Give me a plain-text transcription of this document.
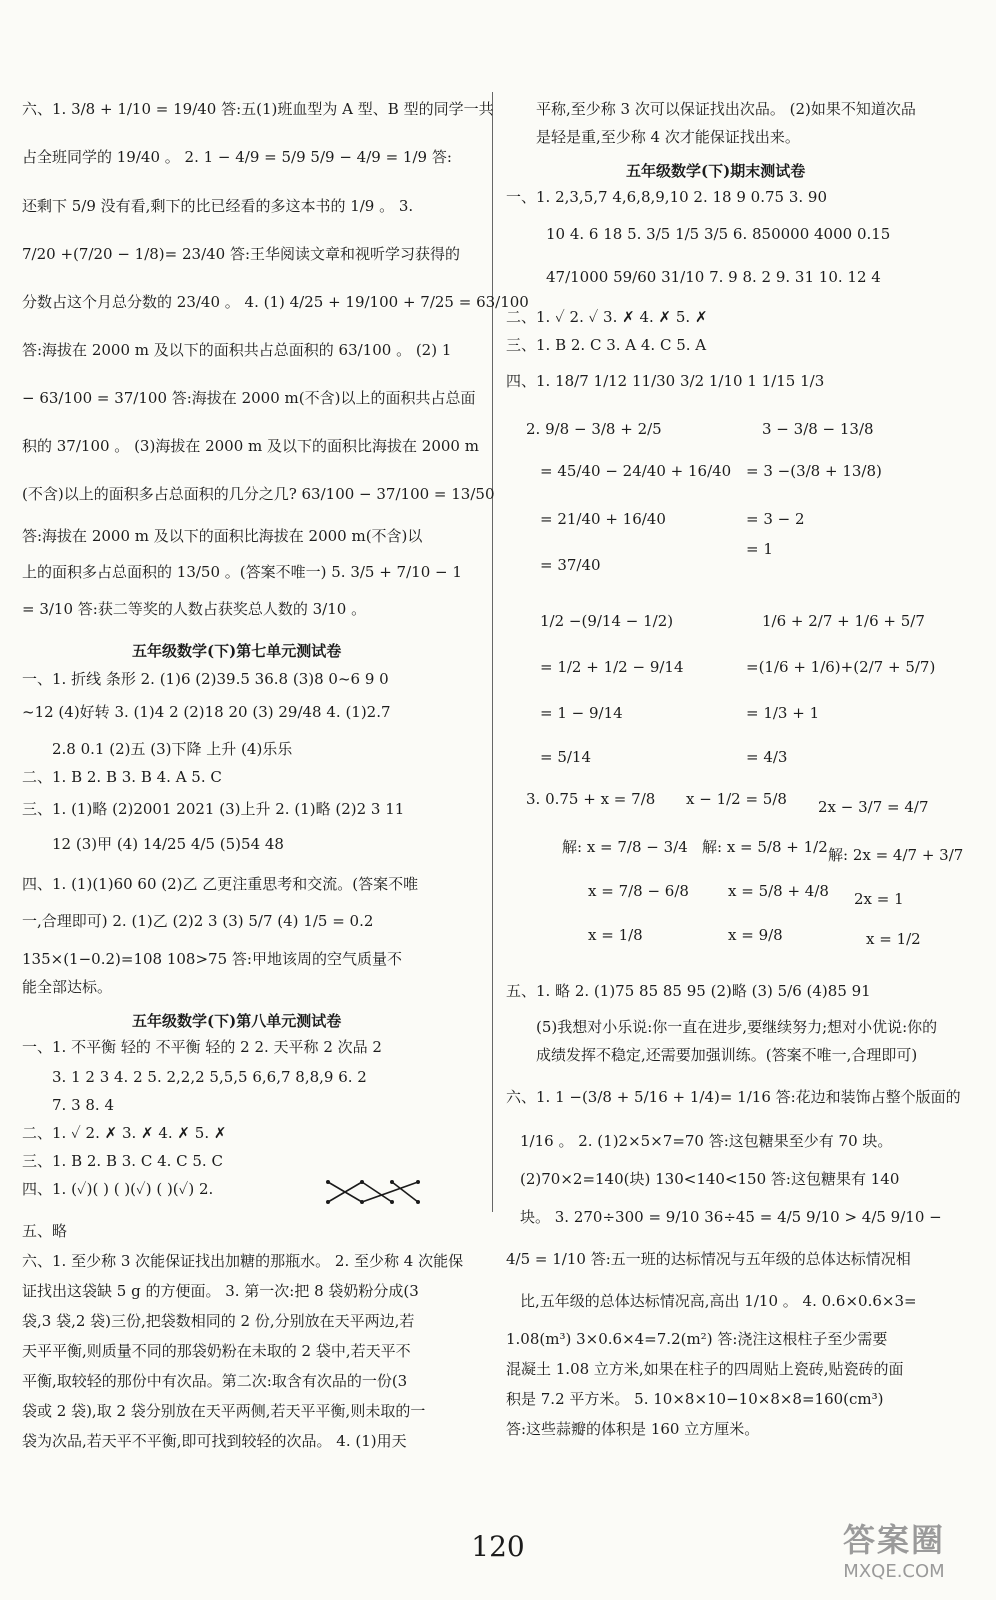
六、1. 3/8 + 1/10 = 19/40 答:五(1)班血型为 A 型、B 型的同学一共
占全班同学的 19/40 。 2. 1 − 4/9 = 5/9 5/9 − 4/9 = 1/9 答:
还剩下 5/9 没有看,剩下的比已经看的多这本书的 1/9 。 3.
7/20 +(7/20 − 1/8)= 23/40 答:王华阅读文章和视听学习获得的
分数占这个月总分数的 23/40 。 4. (1) 4/25 + 19/100 + 7/25 = 63/100
答:海拔在 2000 m 及以下的面积共占总面积的 63/100 。 (2) 1
− 63/100 = 37/100 答:海拔在 2000 m(不含)以上的面积共占总面
积的 37/100 。 (3)海拔在 2000 m 及以下的面积比海拔在 2000 m
(不含)以上的面积多占总面积的几分之几? 63/100 − 37/100 = 13/50
答:海拔在 2000 m 及以下的面积比海拔在 2000 m(不含)以
上的面积多占总面积的 13/50 。(答案不唯一) 5. 3/5 + 7/10 − 1
= 3/10 答:获二等奖的人数占获奖总人数的 3/10 。
五年级数学(下)第七单元测试卷
一、1. 折线 条形 2. (1)6 (2)39.5 36.8 (3)8 0~6 9 0
~12 (4)好转 3. (1)4 2 (2)18 20 (3) 29/48 4. (1)2.7
2.8 0.1 (2)五 (3)下降 上升 (4)乐乐
二、1. B 2. B 3. B 4. A 5. C
三、1. (1)略 (2)2001 2021 (3)上升 2. (1)略 (2)2 3 11
12 (3)甲 (4) 14/25 4/5 (5)54 48
四、1. (1)(1)60 60 (2)乙 乙更注重思考和交流。(答案不唯
一,合理即可) 2. (1)乙 (2)2 3 (3) 5/7 (4) 1/5 = 0.2
135×(1−0.2)=108 108>75 答:甲地该周的空气质量不
能全部达标。
五年级数学(下)第八单元测试卷
一、1. 不平衡 轻的 不平衡 轻的 2 2. 天平称 2 次品 2
3. 1 2 3 4. 2 5. 2,2,2 5,5,5 6,6,7 8,8,9 6. 2
7. 3 8. 4
二、1. ✓ 2. ✗ 3. ✗ 4. ✗ 5. ✗
三、1. B 2. B 3. C 4. C 5. C
四、1. (✓)( ) ( )(✓) ( )(✓) 2.
五、略
六、1. 至少称 3 次能保证找出加糖的那瓶水。 2. 至少称 4 次能保
证找出这袋缺 5 g 的方便面。 3. 第一次:把 8 袋奶粉分成(3
袋,3 袋,2 袋)三份,把袋数相同的 2 份,分别放在天平两边,若
天平平衡,则质量不同的那袋奶粉在未取的 2 袋中,若天平不
平衡,取较轻的那份中有次品。第二次:取含有次品的一份(3
袋或 2 袋),取 2 袋分别放在天平两侧,若天平平衡,则未取的一
袋为次品,若天平不平衡,即可找到较轻的次品。 4. (1)用天
平称,至少称 3 次可以保证找出次品。 (2)如果不知道次品
是轻是重,至少称 4 次才能保证找出来。
五年级数学(下)期末测试卷
一、1. 2,3,5,7 4,6,8,9,10 2. 18 9 0.75 3. 90
10 4. 6 18 5. 3/5 1/5 3/5 6. 850000 4000 0.15
47/1000 59/60 31/10 7. 9 8. 2 9. 31 10. 12 4
二、1. ✓ 2. ✓ 3. ✗ 4. ✗ 5. ✗
三、1. B 2. C 3. A 4. C 5. A
四、1. 18/7 1/12 11/30 3/2 1/10 1 1/15 1/3
2. 9/8 − 3/8 + 2/5
= 45/40 − 24/40 + 16/40
= 21/40 + 16/40
= 37/40
3 − 3/8 − 13/8
= 3 −(3/8 + 13/8)
= 3 − 2
= 1
1/2 −(9/14 − 1/2)
= 1/2 + 1/2 − 9/14
= 1 − 9/14
= 5/14
1/6 + 2/7 + 1/6 + 5/7
=(1/6 + 1/6)+(2/7 + 5/7)
= 1/3 + 1
= 4/3
3. 0.75 + x = 7/8
解: x = 7/8 − 3/4
x = 7/8 − 6/8
x = 1/8
x − 1/2 = 5/8
解: x = 5/8 + 1/2
x = 5/8 + 4/8
x = 9/8
2x − 3/7 = 4/7
解: 2x = 4/7 + 3/7
2x = 1
x = 1/2
五、1. 略 2. (1)75 85 85 95 (2)略 (3) 5/6 (4)85 91
(5)我想对小乐说:你一直在进步,要继续努力;想对小优说:你的
成绩发挥不稳定,还需要加强训练。(答案不唯一,合理即可)
六、1. 1 −(3/8 + 5/16 + 1/4)= 1/16 答:花边和装饰占整个版面的
1/16 。 2. (1)2×5×7=70 答:这包糖果至少有 70 块。
(2)70×2=140(块) 130<140<150 答:这包糖果有 140
块。 3. 270÷300 = 9/10 36÷45 = 4/5 9/10 > 4/5 9/10 −
4/5 = 1/10 答:五一班的达标情况与五年级的总体达标情况相
比,五年级的总体达标情况高,高出 1/10 。 4. 0.6×0.6×3=
1.08(m³) 3×0.6×4=7.2(m²) 答:浇注这根柱子至少需要
混凝土 1.08 立方米,如果在柱子的四周贴上瓷砖,贴瓷砖的面
积是 7.2 平方米。 5. 10×8×10−10×8×8=160(cm³)
答:这些蒜瓣的体积是 160 立方厘米。
120	答案圈
MXQE.COM
